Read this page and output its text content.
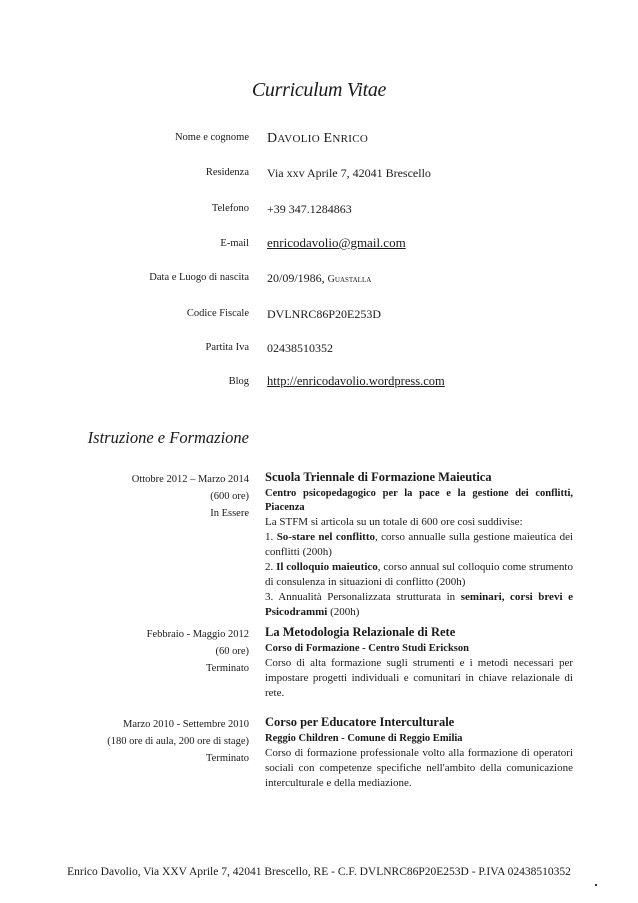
Curriculum Vitae
Nome e cognome DAVOLIO ENRICO
Residenza Via xxv Aprile 7, 42041 Brescello
Telefono +39 347.1284863
E-mail enricodavolio@gmail.com
Data e Luogo di nascita 20/09/1986, Guastalla
Codice Fiscale DVLNRC86P20E253D
Partita Iva 02438510352
Blog http://enricodavolio.wordpress.com
Istruzione e Formazione
Ottobre 2012 – Marzo 2014
(600 ore)
In Essere
Scuola Triennale di Formazione Maieutica
Centro psicopedagogico per la pace e la gestione dei conflitti, Piacenza

La STFM si articola su un totale di 600 ore così suddivise:

1. So-stare nel conflitto, corso annualle sulla gestione maieutica dei conflitti (200h)

2. Il colloquio maieutico, corso annual sul colloquio come strumento di consulenza in situazioni di conflitto (200h)

3. Annualità Personalizzata strutturata in seminari, corsi brevi e Psicodrammi (200h)

Febbraio - Maggio 2012
(60 ore)
Terminato
La Metodologia Relazionale di Rete
Corso di Formazione - Centro Studi Erickson

Corso di alta formazione sugli strumenti e i metodi necessari per impostare progetti individuali e comunitari in chiave relazionale di rete.

Marzo 2010 - Settembre 2010
(180 ore di aula, 200 ore di stage)
Terminato
Corso per Educatore Interculturale
Reggio Children - Comune di Reggio Emilia

Corso di formazione professionale volto alla formazione di operatori sociali con competenze specifiche nell'ambito della comunicazione interculturale e della mediazione.

Enrico Davolio, Via XXV Aprile 7, 42041 Brescello, RE - C.F. DVLNRC86P20E253D - P.IVA 02438510352
